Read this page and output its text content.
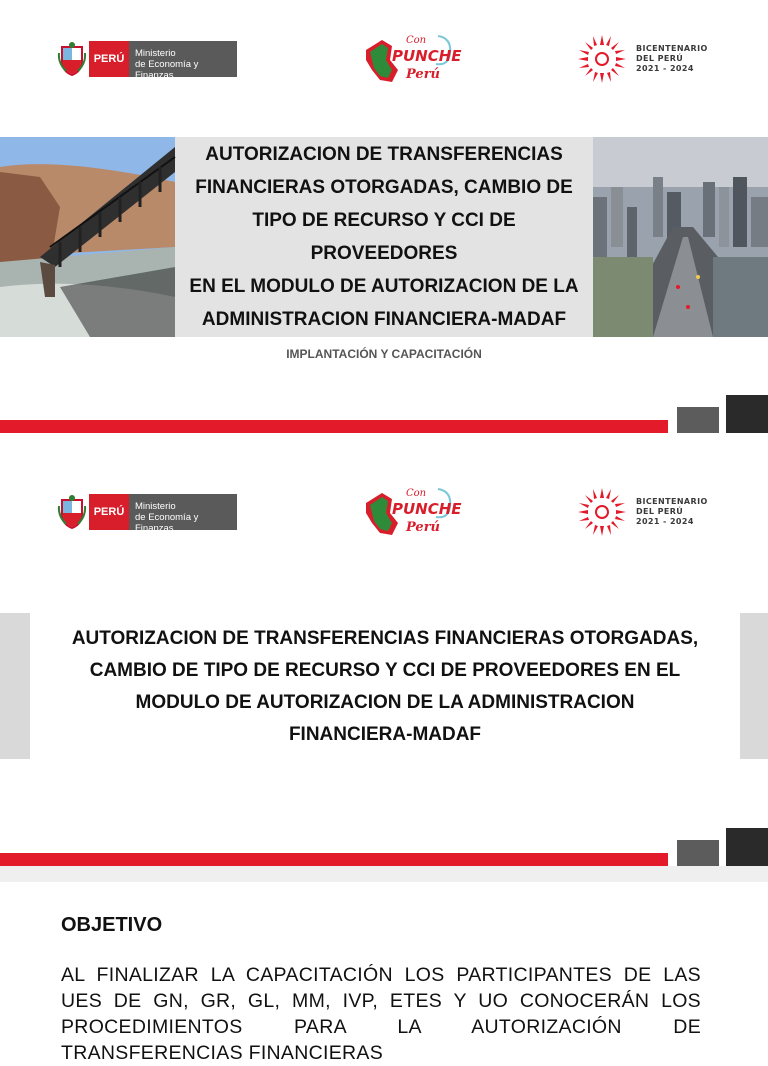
PERÚ	Ministerio
de Economía y Finanzas
Con
PUNCHE
Perú
BICENTENARIO
DEL PERÚ
2021 - 2024
AUTORIZACION DE TRANSFERENCIAS
FINANCIERAS OTORGADAS, CAMBIO DE
TIPO DE RECURSO Y CCI DE PROVEEDORES
EN EL MODULO DE AUTORIZACION DE LA
ADMINISTRACION FINANCIERA-MADAF
IMPLANTACIÓN Y CAPACITACIÓN
PERÚ	Ministerio
de Economía y Finanzas
Con
PUNCHE
Perú
BICENTENARIO
DEL PERÚ
2021 - 2024
AUTORIZACION DE TRANSFERENCIAS FINANCIERAS OTORGADAS,
CAMBIO DE TIPO DE RECURSO Y CCI DE PROVEEDORES EN EL
MODULO DE AUTORIZACION DE LA ADMINISTRACION
FINANCIERA-MADAF
OBJETIVO
AL FINALIZAR LA CAPACITACIÓN LOS PARTICIPANTES DE LAS UES DE GN, GR, GL, MM, IVP, ETES Y UO CONOCERÁN LOS PROCEDIMIENTOS PARA LA AUTORIZACIÓN DE TRANSFERENCIAS FINANCIERAS
